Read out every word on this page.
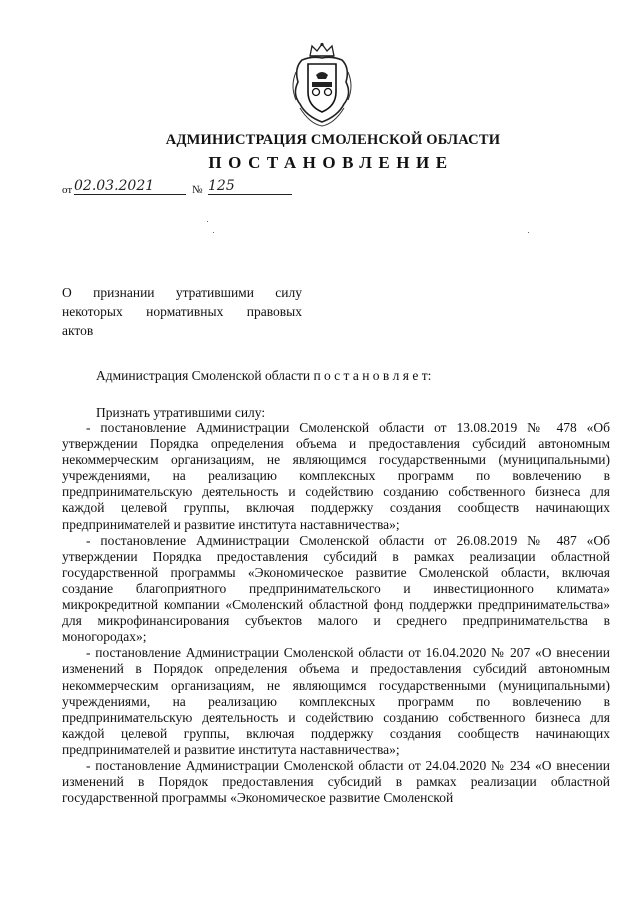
АДМИНИСТРАЦИЯ СМОЛЕНСКОЙ ОБЛАСТИ
ПОСТАНОВЛЕНИЕ
от 02.03.2021	№ 125
О признании утратившими силу
некоторых нормативных правовых
актов
Администрация Смоленской области п о с т а н о в л я е т:
Признать утратившими силу:

- постановление Администрации Смоленской области от 13.08.2019 № 478 «Об утверждении Порядка определения объема и предоставления субсидий автономным некоммерческим организациям, не являющимся государственными (муниципальными) учреждениями, на реализацию комплексных программ по вовлечению в предпринимательскую деятельность и содействию созданию собственного бизнеса для каждой целевой группы, включая поддержку создания сообществ начинающих предпринимателей и развитие института наставничества»;

- постановление Администрации Смоленской области от 26.08.2019 № 487 «Об утверждении Порядка предоставления субсидий в рамках реализации областной государственной программы «Экономическое развитие Смоленской области, включая создание благоприятного предпринимательского и инвестиционного климата» микрокредитной компании «Смоленский областной фонд поддержки предпринимательства» для микрофинансирования субъектов малого и среднего предпринимательства в моногородах»;

- постановление Администрации Смоленской области от 16.04.2020 № 207 «О внесении изменений в Порядок определения объема и предоставления субсидий автономным некоммерческим организациям, не являющимся государственными (муниципальными) учреждениями, на реализацию комплексных программ по вовлечению в предпринимательскую деятельность и содействию созданию собственного бизнеса для каждой целевой группы, включая поддержку создания сообществ начинающих предпринимателей и развитие института наставничества»;

- постановление Администрации Смоленской области от 24.04.2020 № 234 «О внесении изменений в Порядок предоставления субсидий в рамках реализации областной государственной программы «Экономическое развитие Смоленской
